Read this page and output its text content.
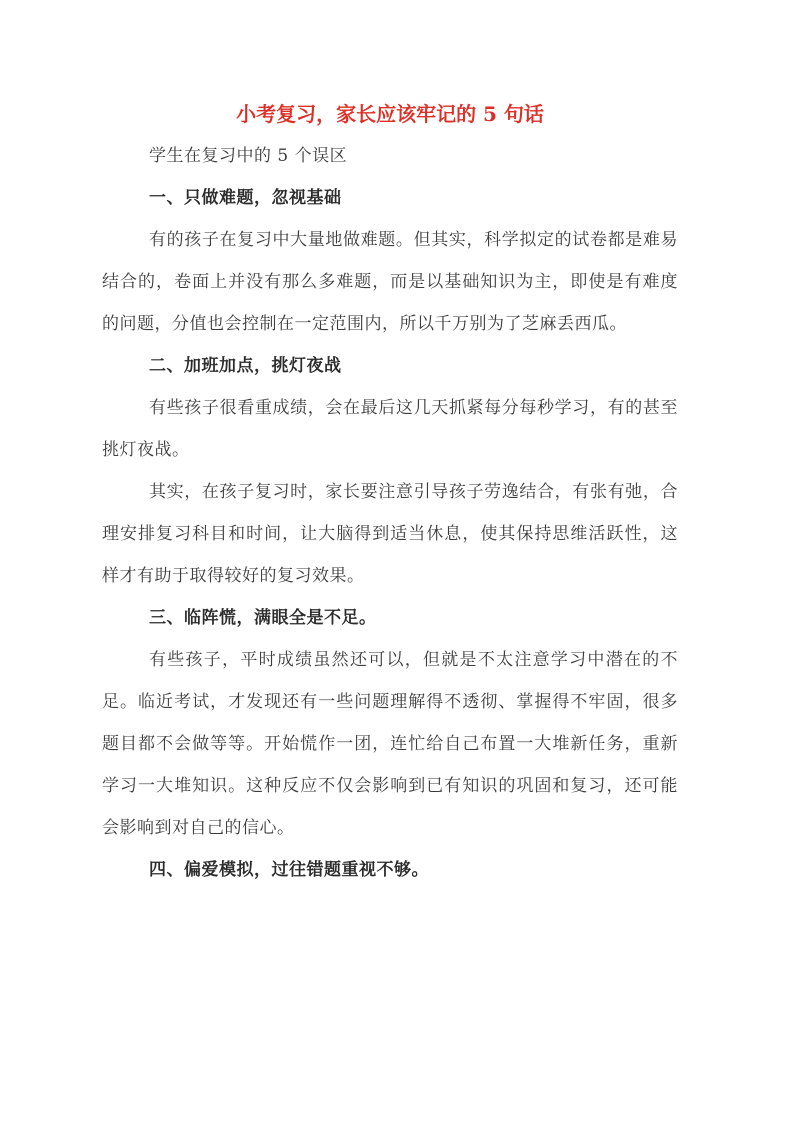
小考复习，家长应该牢记的 5 句话

学生在复习中的 5 个误区

一、只做难题，忽视基础

有的孩子在复习中大量地做难题。但其实，科学拟定的试卷都是难易结合的，卷面上并没有那么多难题，而是以基础知识为主，即使是有难度的问题，分值也会控制在一定范围内，所以千万别为了芝麻丢西瓜。

二、加班加点，挑灯夜战

有些孩子很看重成绩，会在最后这几天抓紧每分每秒学习，有的甚至挑灯夜战。

其实，在孩子复习时，家长要注意引导孩子劳逸结合，有张有弛，合理安排复习科目和时间，让大脑得到适当休息，使其保持思维活跃性，这样才有助于取得较好的复习效果。

三、临阵慌，满眼全是不足。

有些孩子，平时成绩虽然还可以，但就是不太注意学习中潜在的不足。临近考试，才发现还有一些问题理解得不透彻、掌握得不牢固，很多题目都不会做等等。开始慌作一团，连忙给自己布置一大堆新任务，重新学习一大堆知识。这种反应不仅会影响到已有知识的巩固和复习，还可能会影响到对自己的信心。

四、偏爱模拟，过往错题重视不够。
